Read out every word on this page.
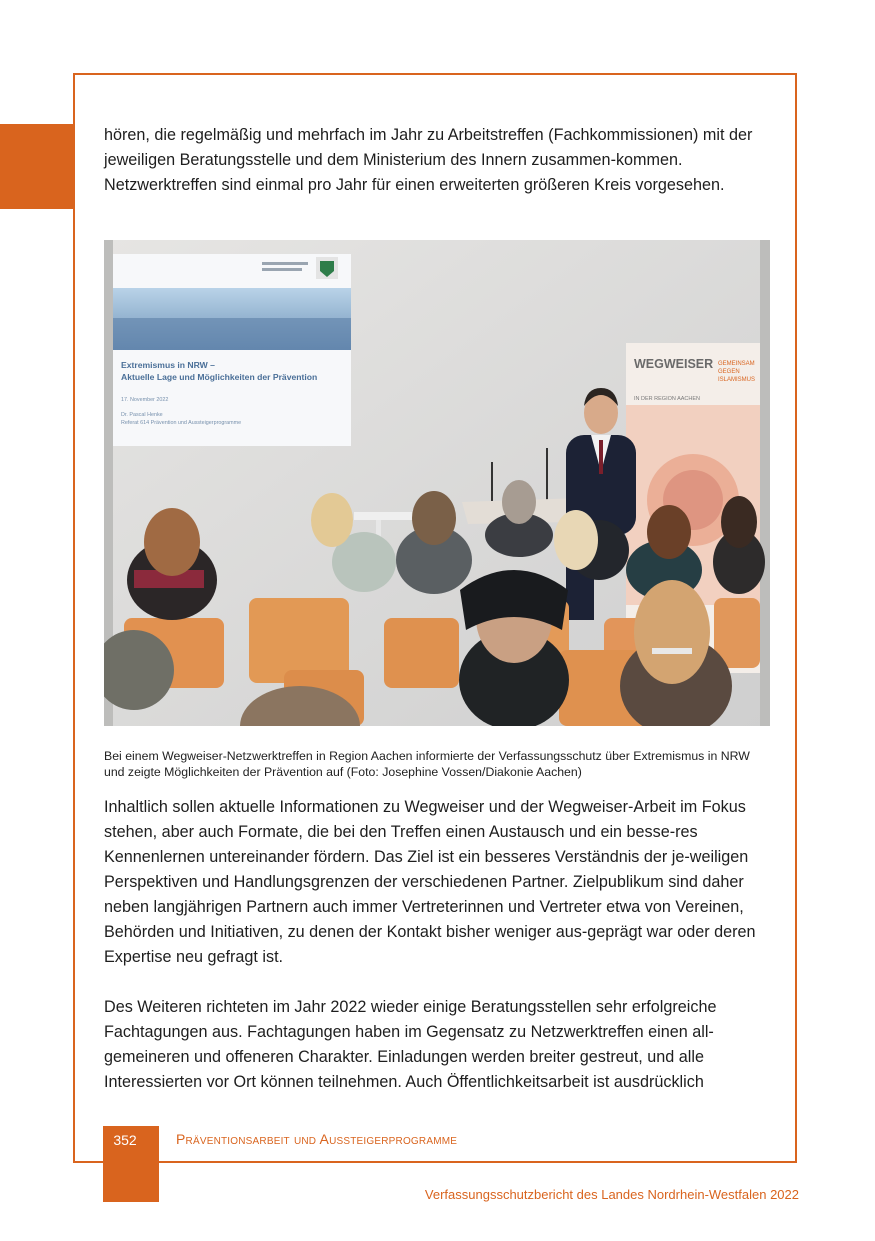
hören, die regelmäßig und mehrfach im Jahr zu Arbeitstreffen (Fachkommissionen) mit der jeweiligen Beratungsstelle und dem Ministerium des Innern zusammen-kommen. Netzwerktreffen sind einmal pro Jahr für einen erweiterten größeren Kreis vorgesehen.

Extremismus in NRW –
Aktuelle Lage und Möglichkeiten der Prävention
17. November 2022
Dr. Pascal Henke
Referat 614 Prävention und Aussteigerprogramme
WEGWEISER GEMEINSAM
GEGEN
ISLAMISMUS
IN DER REGION AACHEN

Bei einem Wegweiser-Netzwerktreffen in Region Aachen informierte der Verfassungsschutz über Extremismus in NRW und zeigte Möglichkeiten der Prävention auf (Foto: Josephine Vossen/Diakonie Aachen)

Inhaltlich sollen aktuelle Informationen zu Wegweiser und der Wegweiser-Arbeit im Fokus stehen, aber auch Formate, die bei den Treffen einen Austausch und ein besse-res Kennenlernen untereinander fördern. Das Ziel ist ein besseres Verständnis der je-weiligen Perspektiven und Handlungsgrenzen der verschiedenen Partner. Zielpublikum sind daher neben langjährigen Partnern auch immer Vertreterinnen und Vertreter etwa von Vereinen, Behörden und Initiativen, zu denen der Kontakt bisher weniger aus-geprägt war oder deren Expertise neu gefragt ist.

Des Weiteren richteten im Jahr 2022 wieder einige Beratungsstellen sehr erfolgreiche Fachtagungen aus. Fachtagungen haben im Gegensatz zu Netzwerktreffen einen all-gemeineren und offeneren Charakter. Einladungen werden breiter gestreut, und alle Interessierten vor Ort können teilnehmen. Auch Öffentlichkeitsarbeit ist ausdrücklich

352	Präventionsarbeit und Aussteigerprogramme
Verfassungsschutzbericht des Landes Nordrhein-Westfalen 2022
